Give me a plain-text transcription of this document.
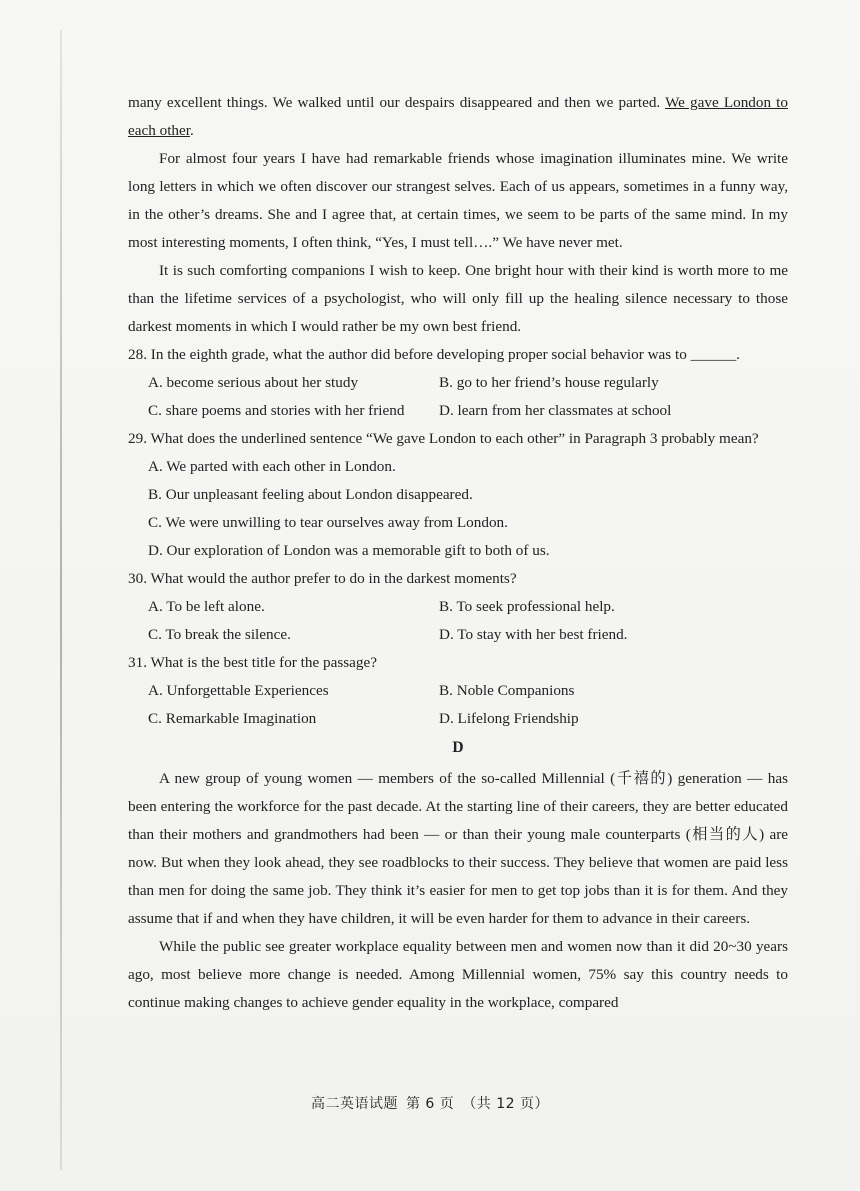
many excellent things. We walked until our despairs disappeared and then we parted. We gave London to each other.

For almost four years I have had remarkable friends whose imagination illuminates mine. We write long letters in which we often discover our strangest selves. Each of us appears, sometimes in a funny way, in the other’s dreams. She and I agree that, at certain times, we seem to be parts of the same mind. In my most interesting moments, I often think, “Yes, I must tell….” We have never met.

It is such comforting companions I wish to keep. One bright hour with their kind is worth more to me than the lifetime services of a psychologist, who will only fill up the healing silence necessary to those darkest moments in which I would rather be my own best friend.

28. In the eighth grade, what the author did before developing proper social behavior was to ______.

A. become serious about her study	B. go to her friend’s house regularly
C. share poems and stories with her friend	D. learn from her classmates at school

29. What does the underlined sentence “We gave London to each other” in Paragraph 3 probably mean?

A. We parted with each other in London.
B. Our unpleasant feeling about London disappeared.
C. We were unwilling to tear ourselves away from London.
D. Our exploration of London was a memorable gift to both of us.

30. What would the author prefer to do in the darkest moments?

A. To be left alone.	B. To seek professional help.
C. To break the silence.	D. To stay with her best friend.

31. What is the best title for the passage?

A. Unforgettable Experiences	B. Noble Companions
C. Remarkable Imagination	D. Lifelong Friendship
D

A new group of young women — members of the so-called Millennial (千禧的) generation — has been entering the workforce for the past decade. At the starting line of their careers, they are better educated than their mothers and grandmothers had been — or than their young male counterparts (相当的人) are now. But when they look ahead, they see roadblocks to their success. They believe that women are paid less than men for doing the same job. They think it’s easier for men to get top jobs than it is for them. And they assume that if and when they have children, it will be even harder for them to advance in their careers.

While the public see greater workplace equality between men and women now than it did 20~30 years ago, most believe more change is needed. Among Millennial women, 75% say this country needs to continue making changes to achieve gender equality in the workplace, compared

高二英语试题 第 6 页 （共 12 页）
